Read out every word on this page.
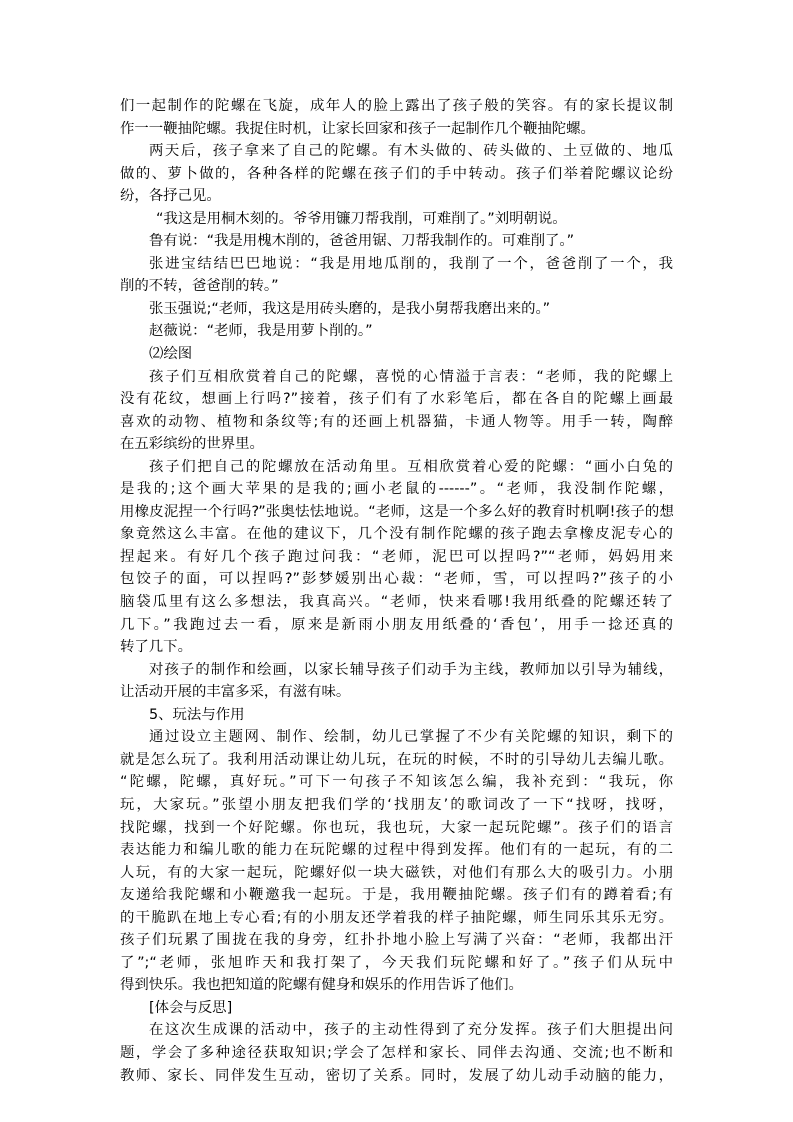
们一起制作的陀螺在飞旋，成年人的脸上露出了孩子般的笑容。有的家长提议制
作一一鞭抽陀螺。我捉住时机，让家长回家和孩子一起制作几个鞭抽陀螺。
两天后，孩子拿来了自己的陀螺。有木头做的、砖头做的、土豆做的、地瓜
做的、萝卜做的，各种各样的陀螺在孩子们的手中转动。孩子们举着陀螺议论纷
纷，各抒己见。
“我这是用桐木刻的。爷爷用镰刀帮我削，可难削了。”刘明朝说。
鲁有说：“我是用槐木削的，爸爸用锯、刀帮我制作的。可难削了。”
张进宝结结巴巴地说：“我是用地瓜削的，我削了一个，爸爸削了一个，我
削的不转，爸爸削的转。”
张玉强说;“老师，我这是用砖头磨的，是我小舅帮我磨出来的。”
赵薇说：“老师，我是用萝卜削的。”
⑵绘图
孩子们互相欣赏着自己的陀螺，喜悦的心情溢于言表：“老师，我的陀螺上
没有花纹，想画上行吗?”接着，孩子们有了水彩笔后，都在各自的陀螺上画最
喜欢的动物、植物和条纹等;有的还画上机器猫，卡通人物等。用手一转，陶醉
在五彩缤纷的世界里。
孩子们把自己的陀螺放在活动角里。互相欣赏着心爱的陀螺：“画小白兔的
是我的;这个画大苹果的是我的;画小老鼠的------”。“老师，我没制作陀螺，
用橡皮泥捏一个行吗?”张奥怯怯地说。“老师，这是一个多么好的教育时机啊!孩子的想
象竟然这么丰富。在他的建议下，几个没有制作陀螺的孩子跑去拿橡皮泥专心的
捏起来。有好几个孩子跑过问我：“老师，泥巴可以捏吗?”“老师，妈妈用来
包饺子的面，可以捏吗?”彭梦媛别出心裁：“老师，雪，可以捏吗?”孩子的小
脑袋瓜里有这么多想法，我真高兴。“老师，快来看哪!我用纸叠的陀螺还转了
几下。”我跑过去一看，原来是新雨小朋友用纸叠的‘香包’，用手一捻还真的
转了几下。
对孩子的制作和绘画，以家长辅导孩子们动手为主线，教师加以引导为辅线，
让活动开展的丰富多采，有滋有味。
5、玩法与作用
通过设立主题网、制作、绘制，幼儿已掌握了不少有关陀螺的知识，剩下的
就是怎么玩了。我利用活动课让幼儿玩，在玩的时候，不时的引导幼儿去编儿歌。
“陀螺，陀螺，真好玩。”可下一句孩子不知该怎么编，我补充到：“我玩，你
玩，大家玩。”张望小朋友把我们学的‘找朋友’的歌词改了一下“找呀，找呀，
找陀螺，找到一个好陀螺。你也玩，我也玩，大家一起玩陀螺”。孩子们的语言
表达能力和编儿歌的能力在玩陀螺的过程中得到发挥。他们有的一起玩，有的二
人玩，有的大家一起玩，陀螺好似一块大磁铁，对他们有那么大的吸引力。小朋
友递给我陀螺和小鞭邀我一起玩。于是，我用鞭抽陀螺。孩子们有的蹲着看;有
的干脆趴在地上专心看;有的小朋友还学着我的样子抽陀螺，师生同乐其乐无穷。
孩子们玩累了围拢在我的身旁，红扑扑地小脸上写满了兴奋：“老师，我都出汗
了”;“老师，张旭昨天和我打架了，今天我们玩陀螺和好了。”孩子们从玩中
得到快乐。我也把知道的陀螺有健身和娱乐的作用告诉了他们。
[体会与反思]
在这次生成课的活动中，孩子的主动性得到了充分发挥。孩子们大胆提出问
题，学会了多种途径获取知识;学会了怎样和家长、同伴去沟通、交流;也不断和
教师、家长、同伴发生互动，密切了关系。同时，发展了幼儿动手动脑的能力，
